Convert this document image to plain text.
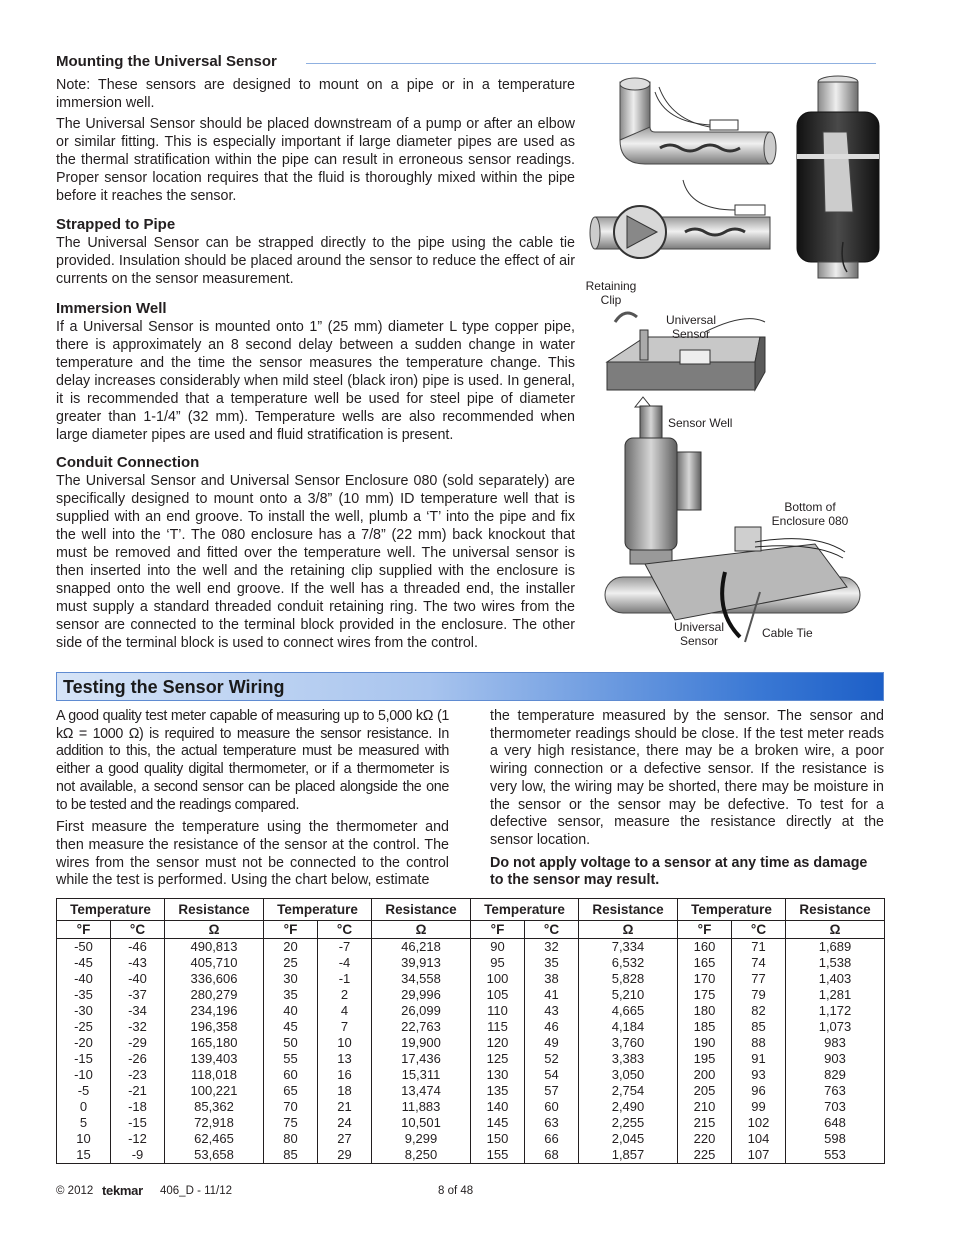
Mounting the Universal Sensor

Note: These sensors are designed to mount on a pipe or in a temperature immersion well.

The Universal Sensor should be placed downstream of a pump or after an elbow or similar fitting. This is especially important if large diameter pipes are used as the thermal stratification within the pipe can result in erroneous sensor readings. Proper sensor location requires that the fluid is thoroughly mixed within the pipe before it reaches the sensor.

Strapped to Pipe

The Universal Sensor can be strapped directly to the pipe using the cable tie provided. Insulation should be placed around the sensor to reduce the effect of air currents on the sensor measurement.

Immersion Well

If a Universal Sensor is mounted onto 1” (25 mm) diameter L type copper pipe, there is approximately an 8 second delay between a sudden change in water temperature and the time the sensor measures the temperature change. This delay increases considerably when mild steel (black iron) pipe is used. In general, it is recommended that a temperature well be used for steel pipe of diameter greater than 1-1/4” (32 mm). Temperature wells are also recommended when large diameter pipes are used and fluid stratification is present.

Conduit Connection

The Universal Sensor and Universal Sensor Enclosure 080 (sold separately) are specifically designed to mount onto a 3/8” (10 mm) ID temperature well that is supplied with an end groove. To install the well, plumb a ‘T’ into the pipe and fix the well into the ‘T’. The 080 enclosure has a 7/8” (22 mm) back knockout that must be removed and fitted over the temperature well. The universal sensor is then inserted into the well and the retaining clip supplied with the enclosure is snapped onto the well end groove. If the well has a threaded end, the installer must supply a standard threaded conduit retaining ring. The two wires from the sensor are connected to the terminal block provided in the enclosure. The other side of the terminal block is used to connect wires from the control.

Retaining
Clip
Universal
Sensor
Sensor Well
Bottom of
Enclosure 080
Universal
Sensor
Cable Tie
Testing the Sensor Wiring

A good quality test meter capable of measuring up to 5,000 kΩ (1 kΩ = 1000 Ω) is required to measure the sensor resistance. In addition to this, the actual temperature must be measured with either a good quality digital thermometer, or if a thermometer is not available, a second sensor can be placed alongside the one to be tested and the readings compared.

First measure the temperature using the thermometer and then measure the resistance of the sensor at the control. The wires from the sensor must not be connected to the control while the test is performed. Using the chart below, estimate

the temperature measured by the sensor. The sensor and thermometer readings should be close. If the test meter reads a very high resistance, there may be a broken wire, a poor wiring connection or a defective sensor. If the resistance is very low, the wiring may be shorted, there may be moisture in the sensor or the sensor may be defective. To test for a defective sensor, measure the resistance directly at the sensor location.

Do not apply voltage to a sensor at any time as damage to the sensor may result.

Temperature		Resistance	Temperature		Resistance	Temperature		Resistance	Temperature		Resistance
°F	°C	Ω	°F	°C	Ω	°F	°C	Ω	°F	°C	Ω
-50	-46	490,813	20	-7	46,218	90	32	7,334	160	71	1,689
-45	-43	405,710	25	-4	39,913	95	35	6,532	165	74	1,538
-40	-40	336,606	30	-1	34,558	100	38	5,828	170	77	1,403
-35	-37	280,279	35	2	29,996	105	41	5,210	175	79	1,281
-30	-34	234,196	40	4	26,099	110	43	4,665	180	82	1,172
-25	-32	196,358	45	7	22,763	115	46	4,184	185	85	1,073
-20	-29	165,180	50	10	19,900	120	49	3,760	190	88	983
-15	-26	139,403	55	13	17,436	125	52	3,383	195	91	903
-10	-23	118,018	60	16	15,311	130	54	3,050	200	93	829
-5	-21	100,221	65	18	13,474	135	57	2,754	205	96	763
0	-18	85,362	70	21	11,883	140	60	2,490	210	99	703
5	-15	72,918	75	24	10,501	145	63	2,255	215	102	648
10	-12	62,465	80	27	9,299	150	66	2,045	220	104	598
15	-9	53,658	85	29	8,250	155	68	1,857	225	107	553
© 2012 tekmar 406_D - 11/12	8 of 48
